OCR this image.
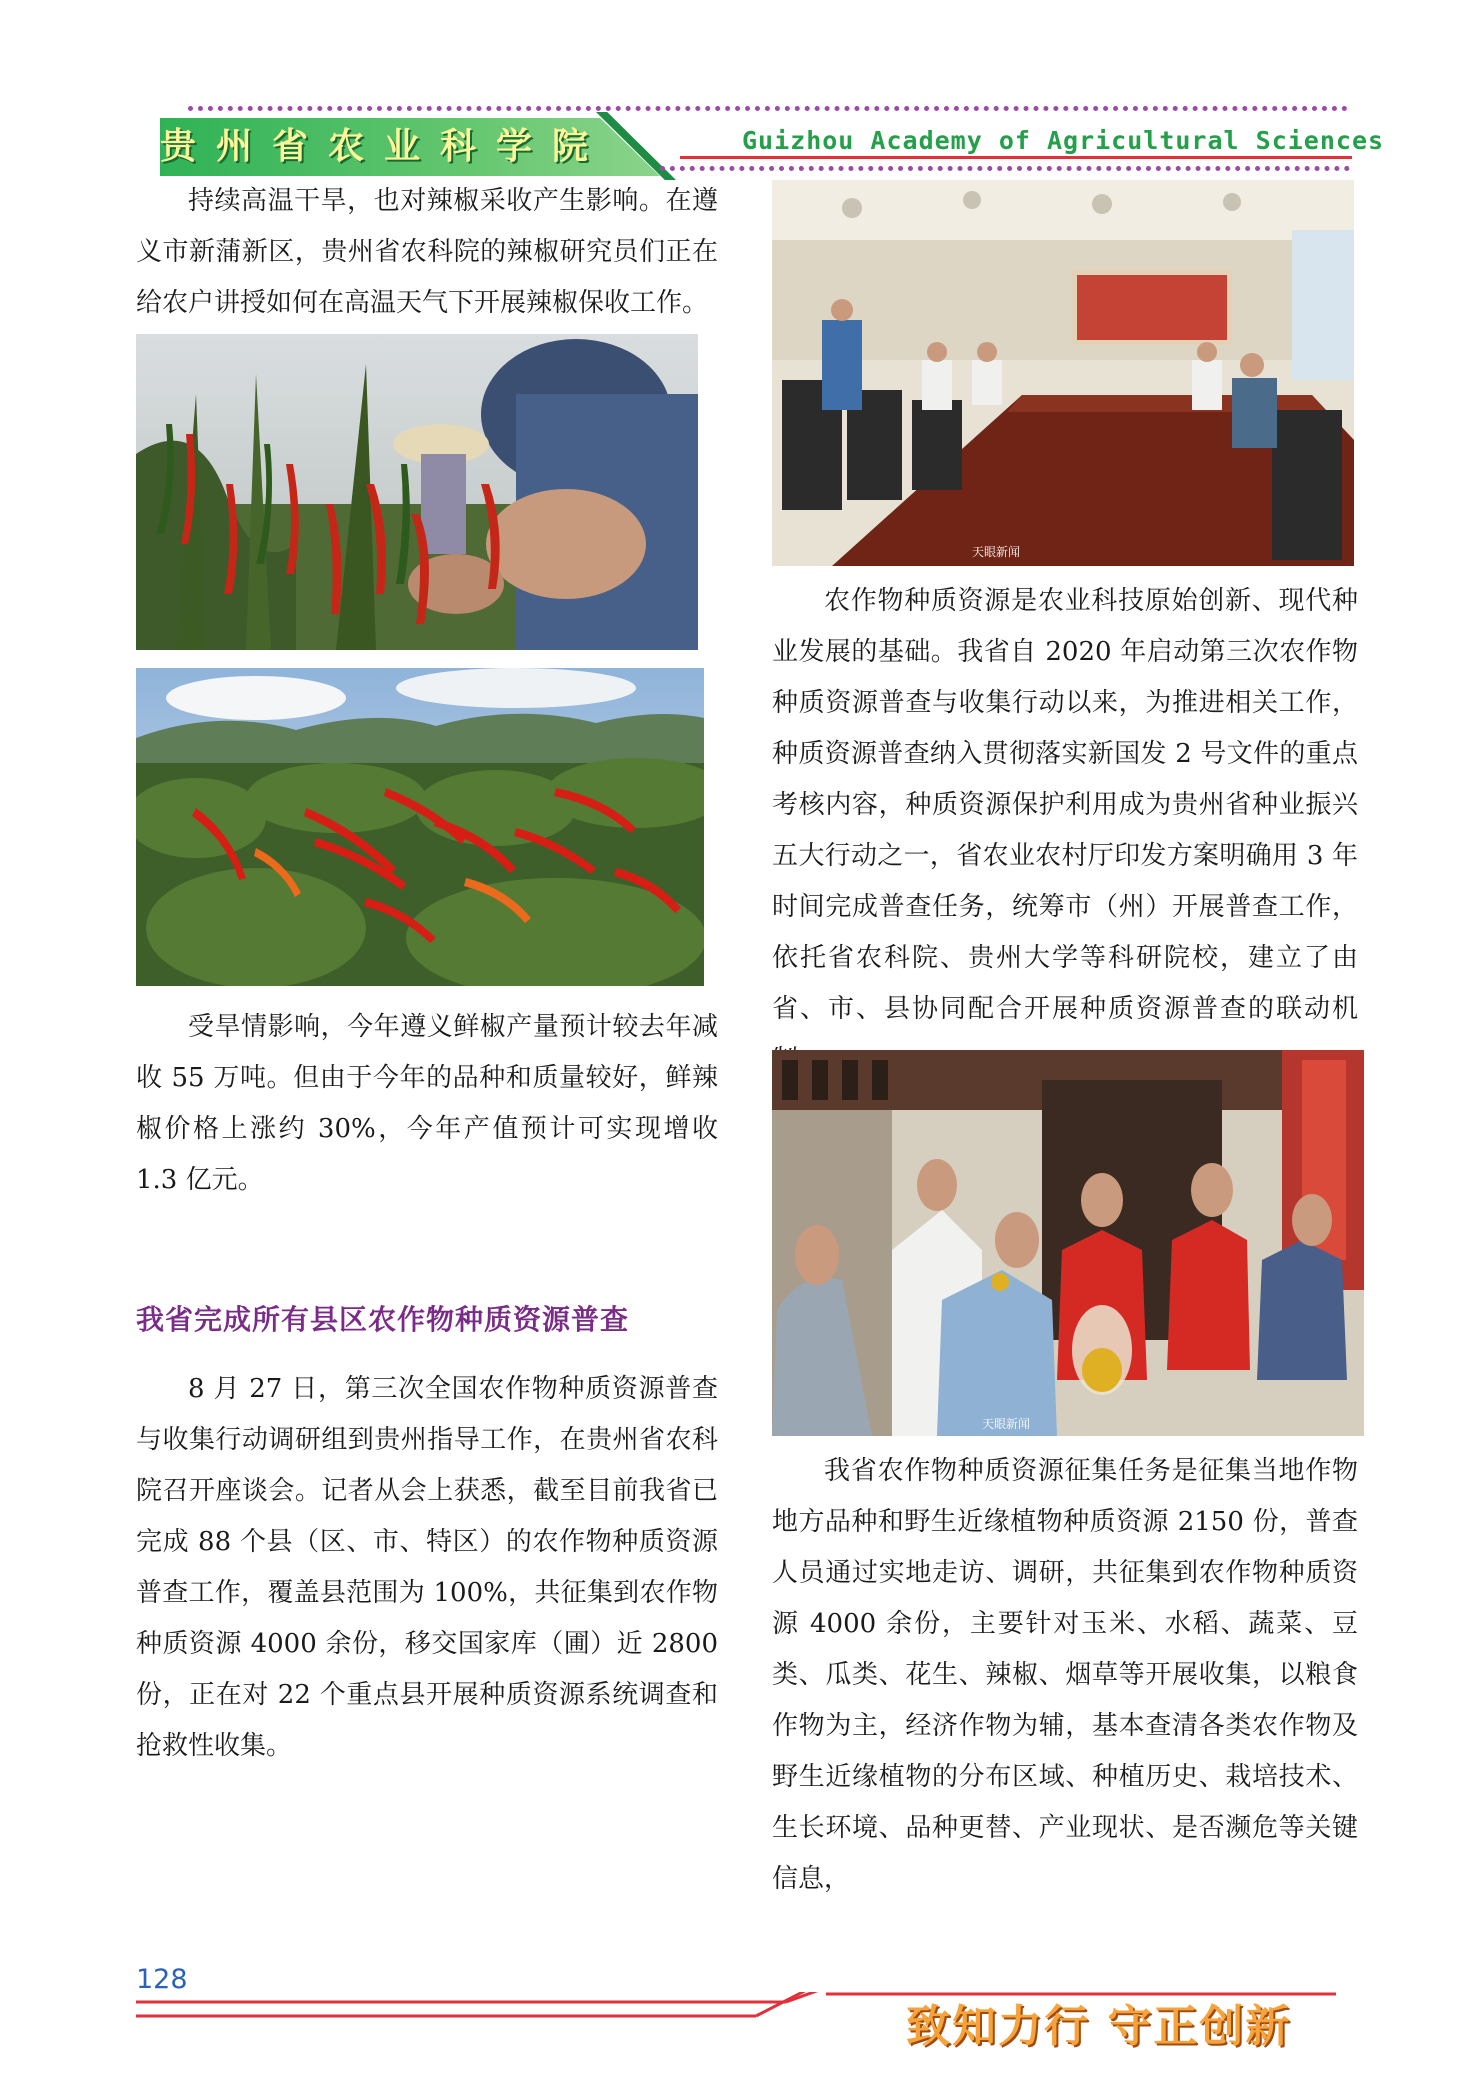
贵州省农业科学院	Guizhou Academy of Agricultural Sciences

持续高温干旱，也对辣椒采收产生影响。在遵义市新蒲新区，贵州省农科院的辣椒研究员们正在给农户讲授如何在高温天气下开展辣椒保收工作。

受旱情影响，今年遵义鲜椒产量预计较去年减收 55 万吨。但由于今年的品种和质量较好，鲜辣椒价格上涨约 30%，今年产值预计可实现增收 1.3 亿元。

我省完成所有县区农作物种质资源普查

8 月 27 日，第三次全国农作物种质资源普查与收集行动调研组到贵州指导工作，在贵州省农科院召开座谈会。记者从会上获悉，截至目前我省已完成 88 个县（区、市、特区）的农作物种质资源普查工作，覆盖县范围为 100%，共征集到农作物种质资源 4000 余份，移交国家库（圃）近 2800 份，正在对 22 个重点县开展种质资源系统调查和抢救性收集。

天眼新闻

农作物种质资源是农业科技原始创新、现代种业发展的基础。我省自 2020 年启动第三次农作物种质资源普查与收集行动以来，为推进相关工作，种质资源普查纳入贯彻落实新国发 2 号文件的重点考核内容，种质资源保护利用成为贵州省种业振兴五大行动之一，省农业农村厅印发方案明确用 3 年时间完成普查任务，统筹市（州）开展普查工作，依托省农科院、贵州大学等科研院校，建立了由省、市、县协同配合开展种质资源普查的联动机

天眼新闻

我省农作物种质资源征集任务是征集当地作物地方品种和野生近缘植物种质资源 2150 份，普查人员通过实地走访、调研，共征集到农作物种质资源 4000 余份，主要针对玉米、水稻、蔬菜、豆类、瓜类、花生、辣椒、烟草等开展收集，以粮食作物为主，经济作物为辅，基本查清各类农作物及野生近缘植物的分布区域、种植历史、栽培技术、生长环境、品种更替、产业现状、是否濒危等关键信息，

128
致知力行 守正创新
